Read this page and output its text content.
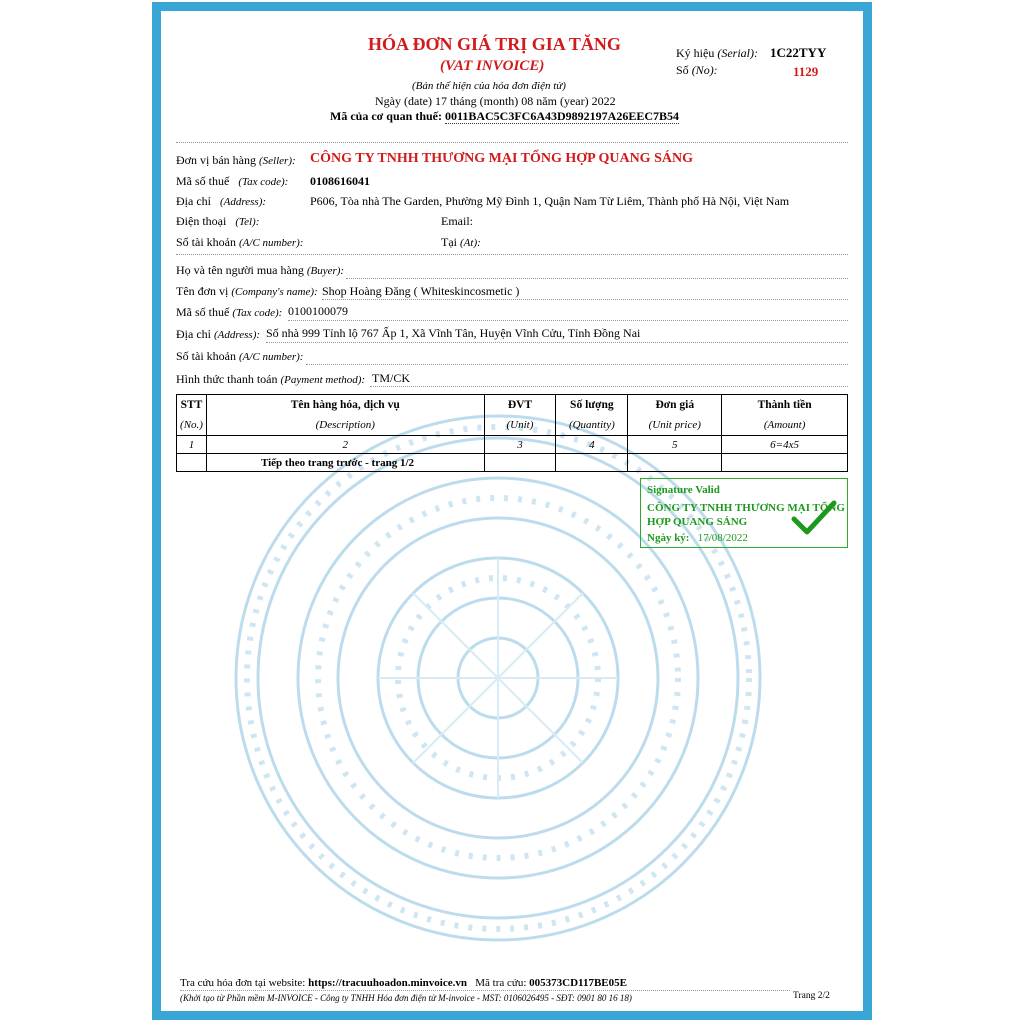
HÓA ĐƠN GIÁ TRỊ GIA TĂNG
(VAT INVOICE)
(Bản thể hiện của hóa đơn điện tử)
Ngày (date) 17 tháng (month) 08 năm (year) 2022
Mã của cơ quan thuế: 0011BAC5C3FC6A43D9892197A26EEC7B54
Ký hiệu (Serial): 1C22TYY
Số (No):	1129
Đơn vị bán hàng (Seller): CÔNG TY TNHH THƯƠNG MẠI TỔNG HỢP QUANG SÁNG
Mã số thuế (Tax code): 0108616041
Địa chỉ (Address):	P606, Tòa nhà The Garden, Phường Mỹ Đình 1, Quận Nam Từ Liêm, Thành phố Hà Nội, Việt Nam
Điện thoại (Tel):	Email:
Số tài khoản (A/C number):	Tại (At):
Họ và tên người mua hàng (Buyer):
Tên đơn vị (Company's name): Shop Hoàng Đăng ( Whiteskincosmetic )
Mã số thuế (Tax code): 0100100079
Địa chỉ (Address): Số nhà 999 Tỉnh lộ 767 Ấp 1, Xã Vĩnh Tân, Huyện Vĩnh Cửu, Tỉnh Đồng Nai
Số tài khoản (A/C number):
Hình thức thanh toán (Payment method): TM/CK
STT	Tên hàng hóa, dịch vụ	ĐVT	Số lượng	Đơn giá	Thành tiền
(No.)	(Description)	(Unit)	(Quantity)	(Unit price)	(Amount)
1	2	3	4	5	6=4x5
	Tiếp theo trang trước - trang 1/2				
Signature Valid
CÔNG TY TNHH THƯƠNG MẠI TỔNG HỢP QUANG SÁNG
Ngày ký: 17/08/2022
Tra cứu hóa đơn tại website: https://tracuuhoadon.minvoice.vn Mã tra cứu: 005373CD117BE05E
(Khởi tạo từ Phần mềm M-INVOICE - Công ty TNHH Hóa đơn điện tử M-invoice - MST: 0106026495 - SĐT: 0901 80 16 18)	Trang 2/2
